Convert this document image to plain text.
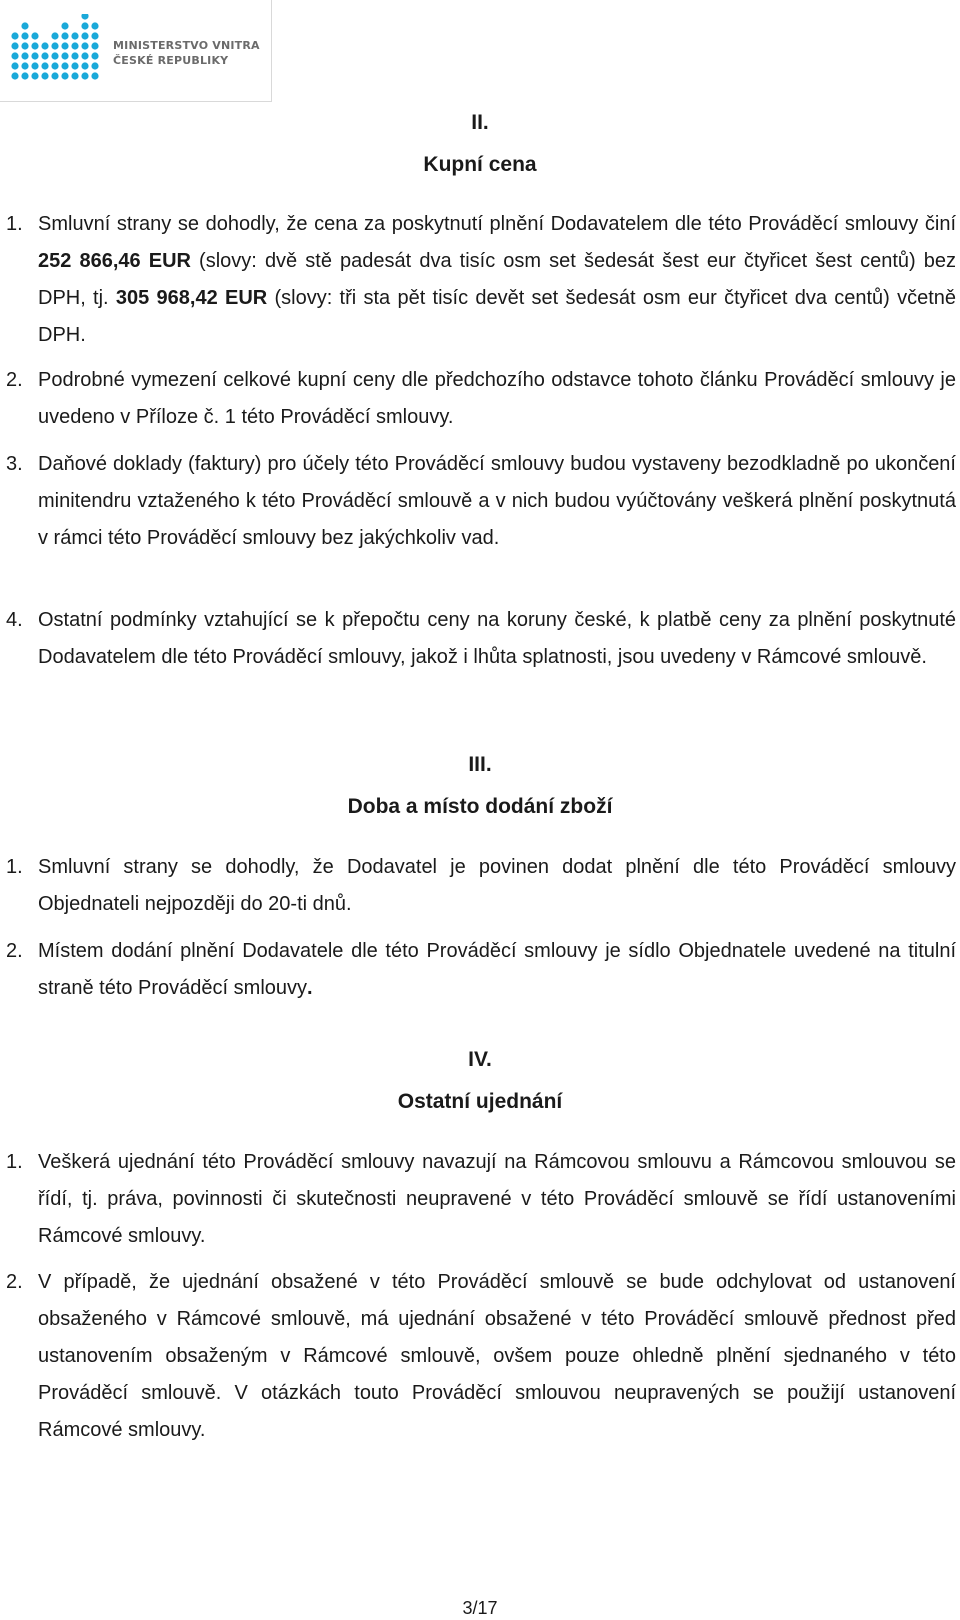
MINISTERSTVO VNITRA
ČESKÉ REPUBLIKY
II.
Kupní cena
1. Smluvní strany se dohodly, že cena za poskytnutí plnění Dodavatelem dle této Prováděcí smlouvy činí 252 866,46 EUR (slovy: dvě stě padesát dva tisíc osm set šedesát šest eur čtyřicet šest centů) bez DPH, tj. 305 968,42 EUR (slovy: tři sta pět tisíc devět set šedesát osm eur čtyřicet dva centů) včetně DPH.
2. Podrobné vymezení celkové kupní ceny dle předchozího odstavce tohoto článku Prováděcí smlouvy je uvedeno v Příloze č. 1 této Prováděcí smlouvy.
3. Daňové doklady (faktury) pro účely této Prováděcí smlouvy budou vystaveny bezodkladně po ukončení minitendru vztaženého k této Prováděcí smlouvě a v nich budou vyúčtovány veškerá plnění poskytnutá v rámci této Prováděcí smlouvy bez jakýchkoliv vad.
4. Ostatní podmínky vztahující se k přepočtu ceny na koruny české, k platbě ceny za plnění poskytnuté Dodavatelem dle této Prováděcí smlouvy, jakož i lhůta splatnosti, jsou uvedeny v Rámcové smlouvě.
III.
Doba a místo dodání zboží
1. Smluvní strany se dohodly, že Dodavatel je povinen dodat plnění dle této Prováděcí smlouvy Objednateli nejpozději do 20-ti dnů.
2. Místem dodání plnění Dodavatele dle této Prováděcí smlouvy je sídlo Objednatele uvedené na titulní straně této Prováděcí smlouvy.
IV.
Ostatní ujednání
1. Veškerá ujednání této Prováděcí smlouvy navazují na Rámcovou smlouvu a Rámcovou smlouvou se řídí, tj. práva, povinnosti či skutečnosti neupravené v této Prováděcí smlouvě se řídí ustanoveními Rámcové smlouvy.
2. V případě, že ujednání obsažené v této Prováděcí smlouvě se bude odchylovat od ustanovení obsaženého v Rámcové smlouvě, má ujednání obsažené v této Prováděcí smlouvě přednost před ustanovením obsaženým v Rámcové smlouvě, ovšem pouze ohledně plnění sjednaného v této Prováděcí smlouvě. V otázkách touto Prováděcí smlouvou neupravených se použijí ustanovení Rámcové smlouvy.
3/17
